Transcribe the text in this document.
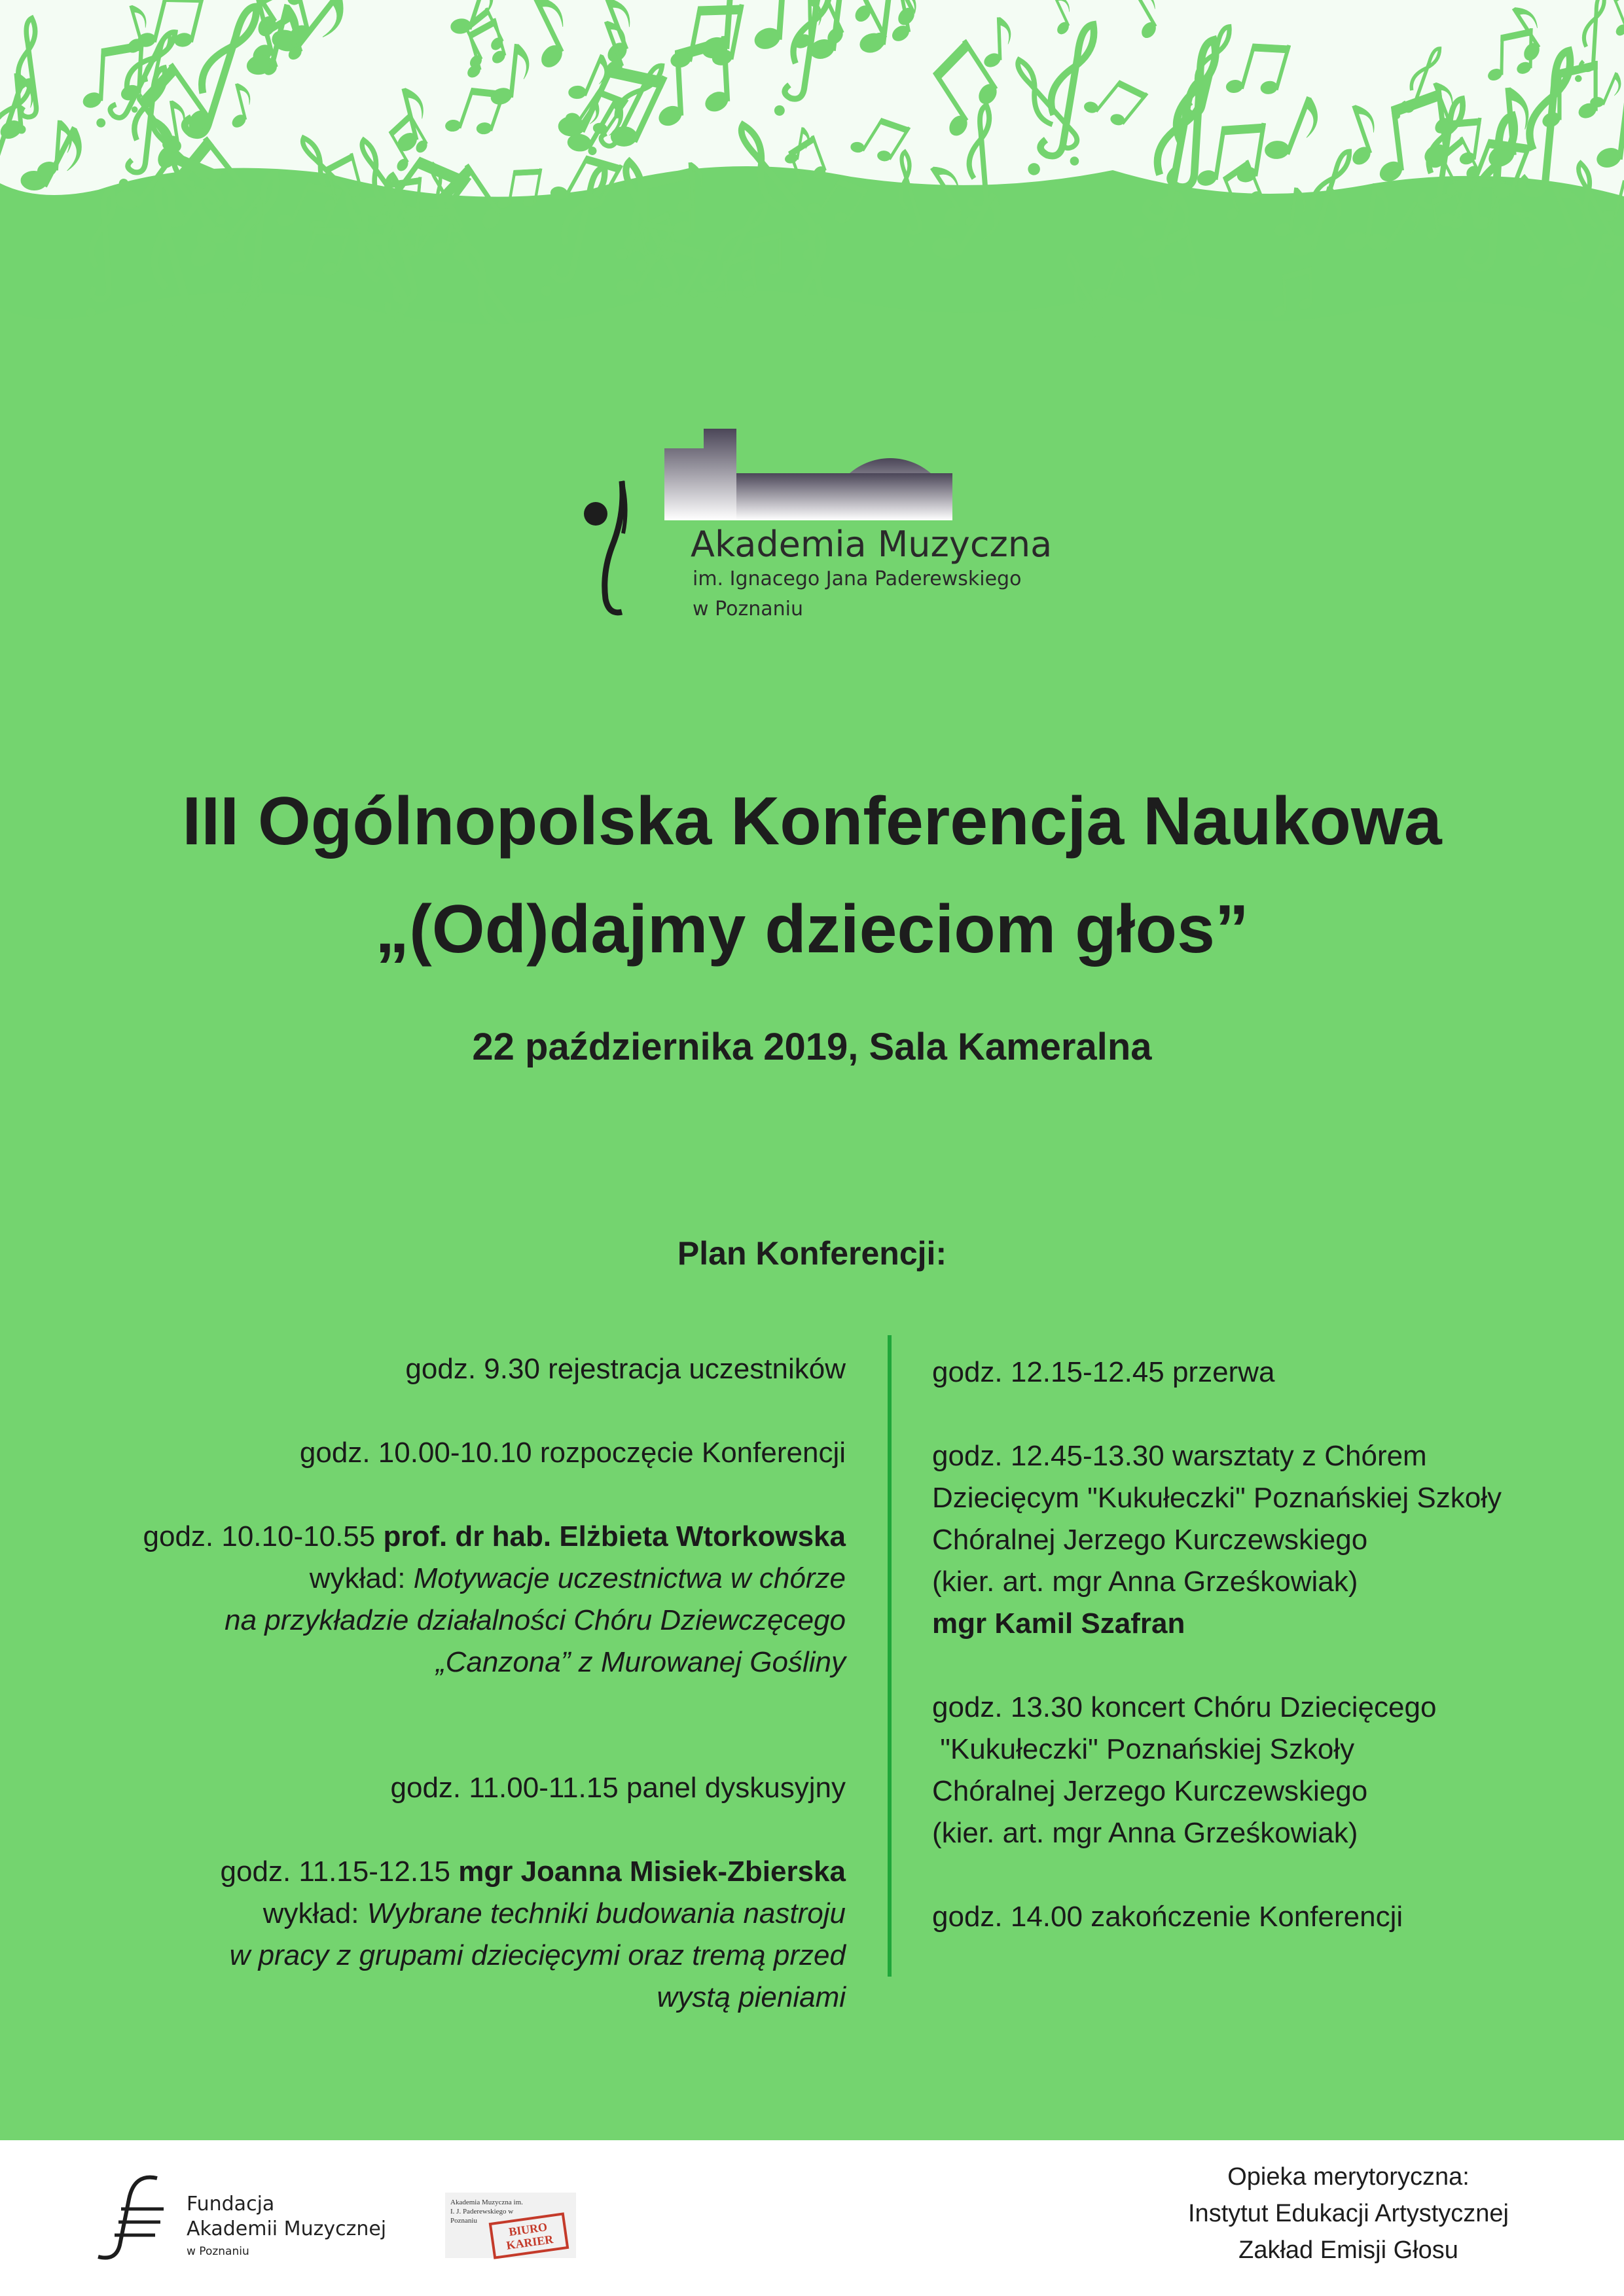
100
Akademia Muzyczna
im. Ignacego Jana Paderewskiego
w Poznaniu
III Ogólnopolska Konferencja Naukowa
„(Od)dajmy dzieciom głos”
22 października 2019, Sala Kameralna
Plan Konferencji:
godz. 9.30 rejestracja uczestników
godz. 10.00-10.10 rozpoczęcie Konferencji
godz. 10.10-10.55 prof. dr hab. Elżbieta Wtorkowska
wykład: Motywacje uczestnictwa w chórze
na przykładzie działalności Chóru Dziewczęcego
„Canzona” z Murowanej Gośliny
godz. 11.00-11.15 panel dyskusyjny
godz. 11.15-12.15 mgr Joanna Misiek-Zbierska
wykład: Wybrane techniki budowania nastroju
w pracy z grupami dziecięcymi oraz tremą przed
wystą pieniami
godz. 12.15-12.45 przerwa
godz. 12.45-13.30 warsztaty z Chórem
Dziecięcym "Kukułeczki" Poznańskiej Szkoły
Chóralnej Jerzego Kurczewskiego
(kier. art. mgr Anna Grześkowiak)
mgr Kamil Szafran
godz. 13.30 koncert Chóru Dziecięcego
"Kukułeczki" Poznańskiej Szkoły
Chóralnej Jerzego Kurczewskiego
(kier. art. mgr Anna Grześkowiak)
godz. 14.00 zakończenie Konferencji
Fundacja
Akademii Muzycznej
w Poznaniu
Akademia Muzyczna im. I. J. Paderewskiego w Poznaniu	BIURO KARIER
Opieka merytoryczna:
Instytut Edukacji Artystycznej
Zakład Emisji Głosu
